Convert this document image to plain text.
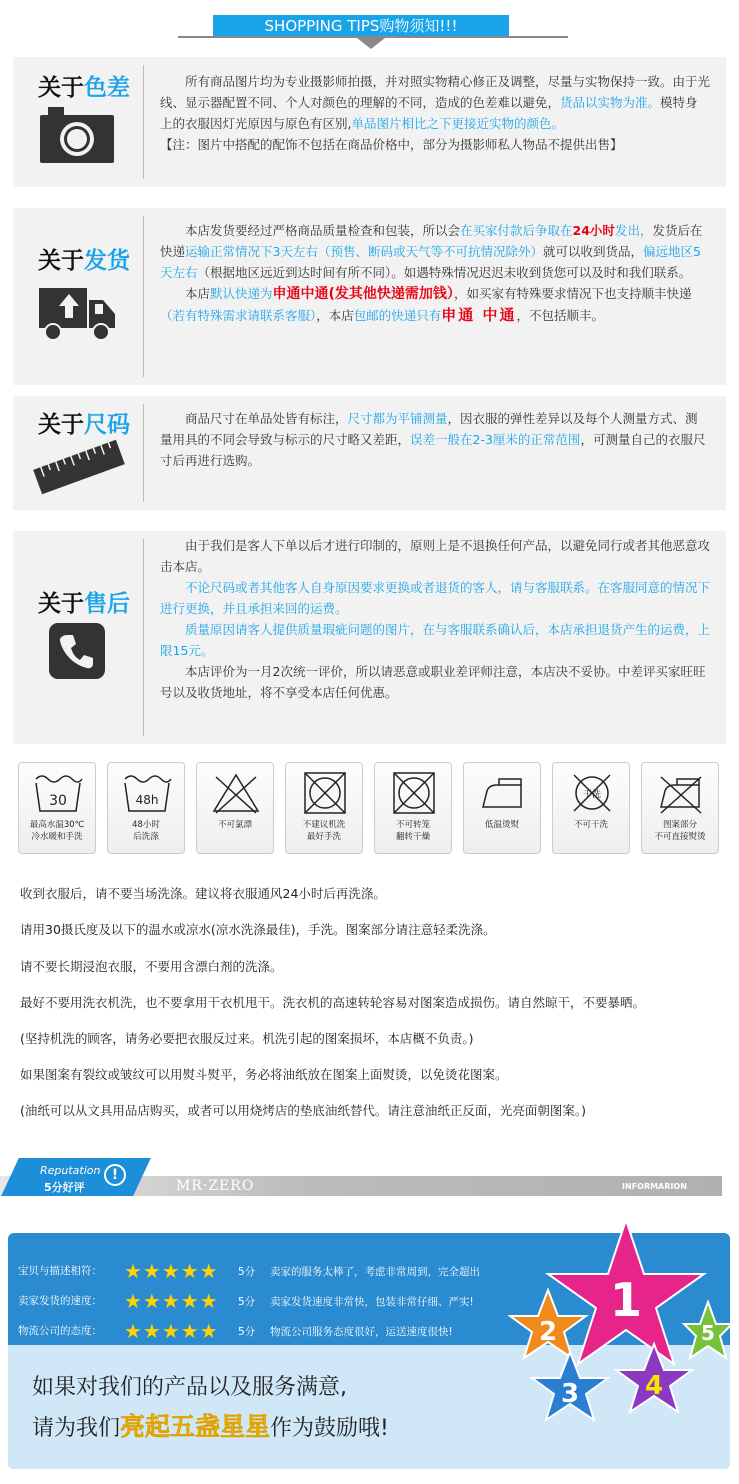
SHOPPING TIPS购物须知!!!
关于色差	所有商品图片均为专业摄影师拍摄，并对照实物精心修正及调整，尽量与实物保持一致。由于光线、显示器配置不同、个人对颜色的理解的不同，造成的色差难以避免，货品以实物为准。模特身上的衣服因灯光原因与原色有区别,单品图片相比之下更接近实物的颜色。
【注：图片中搭配的配饰不包括在商品价格中，部分为摄影师私人物品不提供出售】
关于发货
本店发货要经过严格商品质量检查和包装，所以会在买家付款后争取在24小时发出，发货后在快递运输正常情况下3天左右（预售、断码或天气等不可抗情况除外）就可以收到货品，偏远地区5天左右（根据地区远近到达时间有所不同）。如遇特殊情况迟迟未收到货您可以及时和我们联系。
本店默认快递为申通中通(发其他快递需加钱），如买家有特殊要求情况下也支持顺丰快递（若有特殊需求请联系客服），本店包邮的快递只有申通 中通，不包括顺丰。
关于尺码	商品尺寸在单品处皆有标注，尺寸都为平铺测量，因衣服的弹性差异以及每个人测量方式、测量用具的不同会导致与标示的尺寸略又差距，误差一般在2-3厘米的正常范围，可测量自己的衣服尺寸后再进行选购。
关于售后
由于我们是客人下单以后才进行印制的，原则上是不退换任何产品，以避免同行或者其他恶意攻击本店。
不论尺码或者其他客人自身原因要求更换或者退货的客人，请与客服联系。在客服同意的情况下进行更换，并且承担来回的运费。
质量原因请客人提供质量瑕疵问题的图片，在与客服联系确认后，本店承担退货产生的运费，上限15元。
本店评价为一月2次统一评价，所以请恶意或职业差评师注意，本店决不妥协。中差评买家旺旺号以及收货地址，将不享受本店任何优惠。
30
最高水温30℃
冷水暖和手洗
48h
48小时
后洗涤
不可氯漂	不建议机洗
最好手洗
不可转笼
翻转干燥
低温烫熨
干洗
不可干洗	图案部分
不可直接熨烫
收到衣服后，请不要当场洗涤。建议将衣服通风24小时后再洗涤。
请用30摄氏度及以下的温水或凉水(凉水洗涤最佳)，手洗。图案部分请注意轻柔洗涤。
请不要长期浸泡衣服，不要用含漂白剂的洗涤。
最好不要用洗衣机洗，也不要拿用干衣机甩干。洗衣机的高速转轮容易对图案造成损伤。请自然晾干，不要暴晒。
(坚持机洗的顾客，请务必要把衣服反过来。机洗引起的图案损坏，本店概不负责。)
如果图案有裂纹或皱纹可以用熨斗熨平，务必将油纸放在图案上面熨烫，以免烫花图案。
(油纸可以从文具用品店购买，或者可以用烧烤店的垫底油纸替代。请注意油纸正反面，光亮面朝图案。)
Reputation
5分好评
!
MR·ZERO	INFORMARION
宝贝与描述相符： ★★★★★ 5分 卖家的服务太棒了，考虑非常周到，完全超出
卖家发货的速度： ★★★★★ 5分 卖家发货速度非常快，包装非常仔细、严实!
物流公司的态度： ★★★★★ 5分 物流公司服务态度很好，运送速度很快!
如果对我们的产品以及服务满意,
请为我们亮起五盏星星作为鼓励哦!
1
2
3	4
5
